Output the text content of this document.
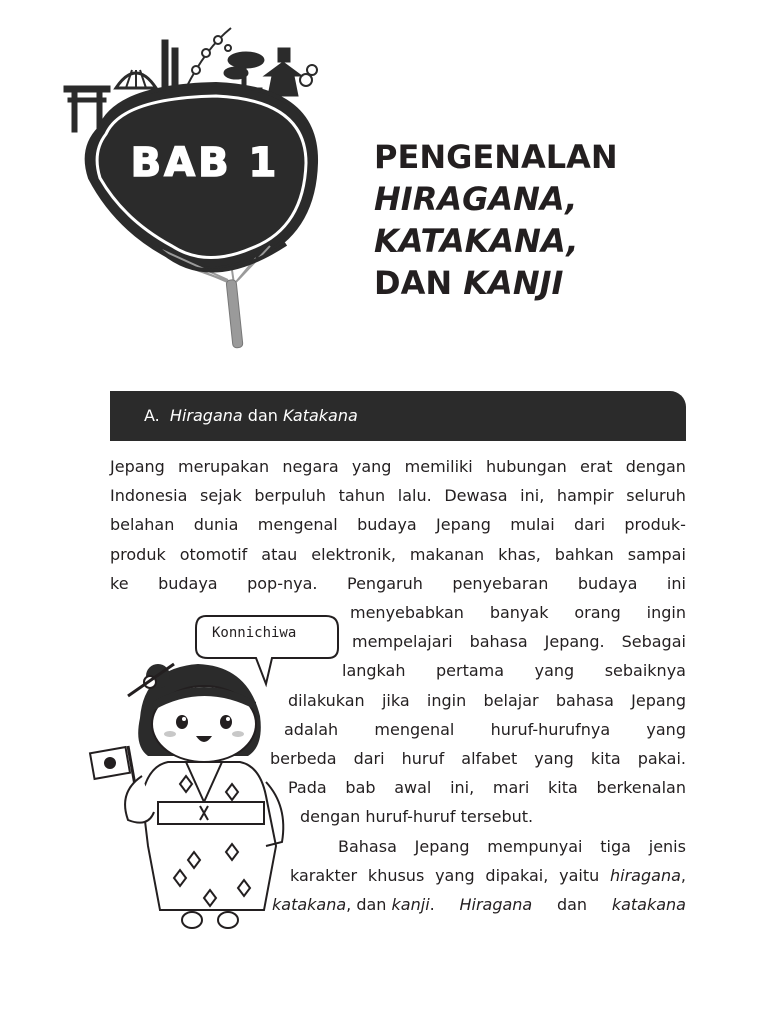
BAB 1	PENGENALAN
HIRAGANA,
KATAKANA,
DAN KANJI
A. Hiragana dan Katakana
Konnichiwa
Jepang merupakan negara yang memiliki hubungan erat dengan
Indonesia sejak berpuluh tahun lalu. Dewasa ini, hampir seluruh
belahan dunia mengenal budaya Jepang mulai dari produk-
produk otomotif atau elektronik, makanan khas, bahkan sampai
ke budaya pop-nya. Pengaruh penyebaran budaya ini
menyebabkan banyak orang ingin
mempelajari bahasa Jepang. Sebagai
langkah pertama yang sebaiknya
dilakukan jika ingin belajar bahasa Jepang
adalah mengenal huruf-hurufnya yang
berbeda dari huruf alfabet yang kita pakai.
Pada bab awal ini, mari kita berkenalan
dengan huruf-huruf tersebut.
Bahasa Jepang mempunyai tiga jenis
karakter khusus yang dipakai, yaitu hiragana,
katakana, dan kanji. Hiragana dan katakana
